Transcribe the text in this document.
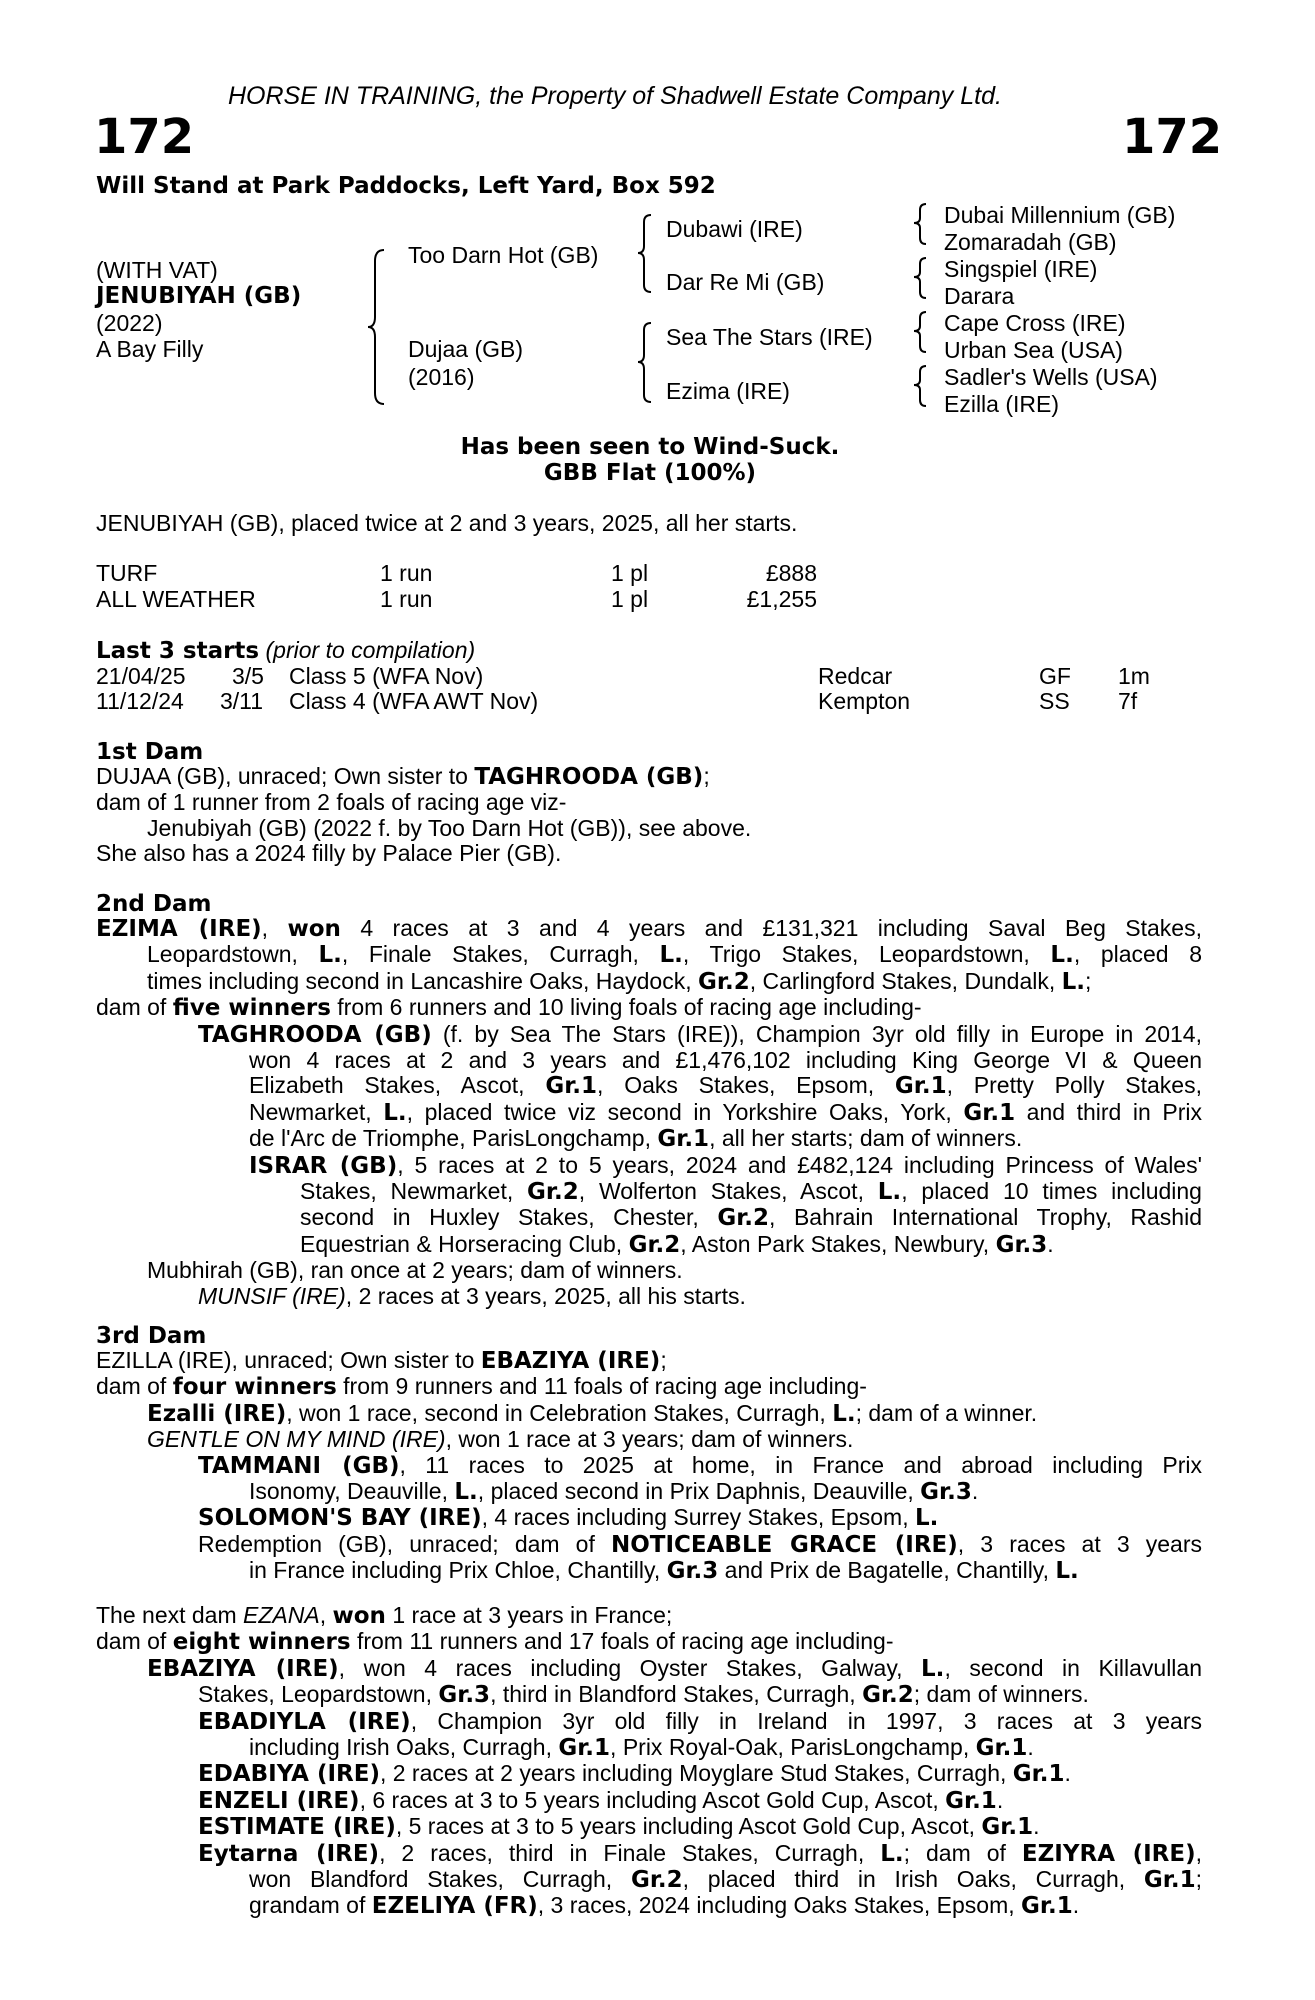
HORSE IN TRAINING, the Property of Shadwell Estate Company Ltd.
172	172
Will Stand at Park Paddocks, Left Yard, Box 592
(WITH VAT)
JENUBIYAH (GB)
(2022)
A Bay Filly
Too Darn Hot (GB)
Dujaa (GB)
(2016)
Dubawi (IRE)
Dar Re Mi (GB)
Sea The Stars (IRE)
Ezima (IRE)
Dubai Millennium (GB)
Zomaradah (GB)
Singspiel (IRE)
Darara
Cape Cross (IRE)
Urban Sea (USA)
Sadler's Wells (USA)
Ezilla (IRE)
Has been seen to Wind-Suck.
GBB Flat (100%)
JENUBIYAH (GB), placed twice at 2 and 3 years, 2025, all her starts.
TURF	1 run	1 pl	£888
ALL WEATHER	1 run	1 pl	£1,255
Last 3 starts (prior to compilation)
21/04/25 3/5 Class 5 (WFA Nov)	Redcar	GF 1m
11/12/24 3/11 Class 4 (WFA AWT Nov)	Kempton	SS 7f
1st Dam

DUJAA (GB), unraced; Own sister to TAGHROODA (GB);
dam of 1 runner from 2 foals of racing age viz-
Jenubiyah (GB) (2022 f. by Too Darn Hot (GB)), see above.
She also has a 2024 filly by Palace Pier (GB).

2nd Dam

EZIMA (IRE), won 4 races at 3 and 4 years and £131,321 including Saval Beg Stakes,
Leopardstown, L., Finale Stakes, Curragh, L., Trigo Stakes, Leopardstown, L., placed 8
times including second in Lancashire Oaks, Haydock, Gr.2, Carlingford Stakes, Dundalk, L.;
dam of five winners from 6 runners and 10 living foals of racing age including-
TAGHROODA (GB) (f. by Sea The Stars (IRE)), Champion 3yr old filly in Europe in 2014,
won 4 races at 2 and 3 years and £1,476,102 including King George VI & Queen
Elizabeth Stakes, Ascot, Gr.1, Oaks Stakes, Epsom, Gr.1, Pretty Polly Stakes,
Newmarket, L., placed twice viz second in Yorkshire Oaks, York, Gr.1 and third in Prix
de l'Arc de Triomphe, ParisLongchamp, Gr.1, all her starts; dam of winners.
ISRAR (GB), 5 races at 2 to 5 years, 2024 and £482,124 including Princess of Wales'
Stakes, Newmarket, Gr.2, Wolferton Stakes, Ascot, L., placed 10 times including
second in Huxley Stakes, Chester, Gr.2, Bahrain International Trophy, Rashid
Equestrian & Horseracing Club, Gr.2, Aston Park Stakes, Newbury, Gr.3.
Mubhirah (GB), ran once at 2 years; dam of winners.
MUNSIF (IRE), 2 races at 3 years, 2025, all his starts.

3rd Dam

EZILLA (IRE), unraced; Own sister to EBAZIYA (IRE);
dam of four winners from 9 runners and 11 foals of racing age including-
Ezalli (IRE), won 1 race, second in Celebration Stakes, Curragh, L.; dam of a winner.
GENTLE ON MY MIND (IRE), won 1 race at 3 years; dam of winners.
TAMMANI (GB), 11 races to 2025 at home, in France and abroad including Prix
Isonomy, Deauville, L., placed second in Prix Daphnis, Deauville, Gr.3.
SOLOMON'S BAY (IRE), 4 races including Surrey Stakes, Epsom, L.
Redemption (GB), unraced; dam of NOTICEABLE GRACE (IRE), 3 races at 3 years
in France including Prix Chloe, Chantilly, Gr.3 and Prix de Bagatelle, Chantilly, L.

The next dam EZANA, won 1 race at 3 years in France;
dam of eight winners from 11 runners and 17 foals of racing age including-
EBAZIYA (IRE), won 4 races including Oyster Stakes, Galway, L., second in Killavullan
Stakes, Leopardstown, Gr.3, third in Blandford Stakes, Curragh, Gr.2; dam of winners.
EBADIYLA (IRE), Champion 3yr old filly in Ireland in 1997, 3 races at 3 years
including Irish Oaks, Curragh, Gr.1, Prix Royal-Oak, ParisLongchamp, Gr.1.
EDABIYA (IRE), 2 races at 2 years including Moyglare Stud Stakes, Curragh, Gr.1.
ENZELI (IRE), 6 races at 3 to 5 years including Ascot Gold Cup, Ascot, Gr.1.
ESTIMATE (IRE), 5 races at 3 to 5 years including Ascot Gold Cup, Ascot, Gr.1.
Eytarna (IRE), 2 races, third in Finale Stakes, Curragh, L.; dam of EZIYRA (IRE),
won Blandford Stakes, Curragh, Gr.2, placed third in Irish Oaks, Curragh, Gr.1;
grandam of EZELIYA (FR), 3 races, 2024 including Oaks Stakes, Epsom, Gr.1.
